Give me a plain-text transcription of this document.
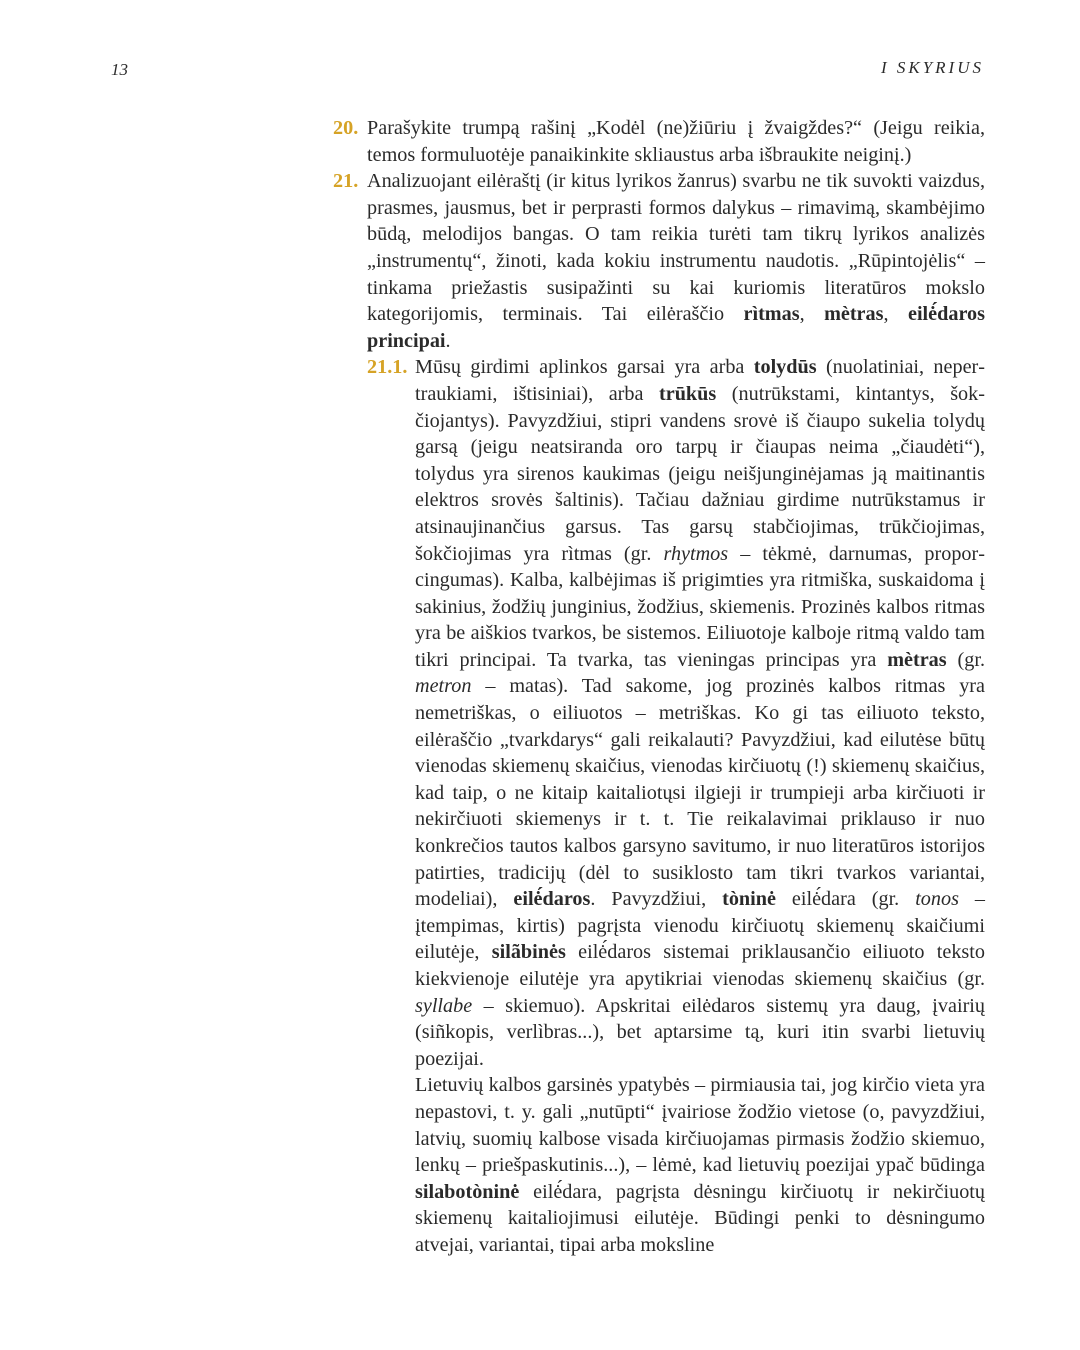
13	I SKYRIUS
20. Parašykite trumpą rašinį „Kodėl (ne)žiūriu į žvaigždes?“ (Jeigu reikia, temos formuluotėje panaikinkite skliaustus arba išbraukite neiginį.)

21. Analizuojant eilėraštį (ir kitus lyrikos žanrus) svarbu ne tik suvokti vaizdus, prasmes, jausmus, bet ir perprasti formos dalykus – rimavimą, skambėjimo būdą, melodijos bangas. O tam reikia turėti tam tikrų lyrikos analizės „instrumentų“, žinoti, kada kokiu instrumentu naudotis. „Rūpintojėlis“ – tinkama priežastis susipažinti su kai kuriomis literatūros mokslo kategorijomis, terminais. Tai eilėraščio rìtmas, mètras, eilė́daros principai.

21.1. Mūsų girdimi aplinkos garsai yra arba tolydūs (nuolatiniai, nepertraukiami, ištisiniai), arba trūkūs (nutrūkstami, kintantys, šokčiojantys). Pavyzdžiui, stipri vandens srovė iš čiaupo sukelia tolydų garsą (jeigu neatsiranda oro tarpų ir čiaupas neima „čiaudėti“), tolydus yra sirenos kaukimas (jeigu neišjunginėjamas ją maitinantis elektros srovės šaltinis). Tačiau dažniau girdime nutrūkstamus ir atsinaujinančius garsus. Tas garsų stabčiojimas, trūkčiojimas, šokčiojimas yra rìtmas (gr. rhytmos – tėkmė, darnumas, proporcingumas). Kalba, kalbėjimas iš prigimties yra ritmiška, suskaidoma į sakinius, žodžių junginius, žodžius, skiemenis. Prozinės kalbos ritmas yra be aiškios tvarkos, be sistemos. Eiliuotoje kalboje ritmą valdo tam tikri principai. Ta tvarka, tas vieningas principas yra mètras (gr. metron – matas). Tad sakome, jog prozinės kalbos ritmas yra nemetriškas, o eiliuotos – metriškas. Ko gi tas eiliuoto teksto, eilėraščio „tvarkdarys“ gali reikalauti? Pavyzdžiui, kad eilutėse būtų vienodas skiemenų skaičius, vienodas kirčiuotų (!) skiemenų skaičius, kad taip, o ne kitaip kaitaliotųsi ilgieji ir trumpieji arba kirčiuoti ir nekirčiuoti skiemenys ir t. t. Tie reikalavimai priklauso ir nuo konkrečios tautos kalbos garsyno savitumo, ir nuo literatūros istorijos patirties, tradicijų (dėl to susiklosto tam tikri tvarkos variantai, modeliai), eilė́daros. Pavyzdžiui, tòninė eilė́dara (gr. tonos – įtempimas, kirtis) pagrįsta vienodu kirčiuotų skiemenų skaičiumi eilutėje, silãbinės eilė́daros sistemai priklausančio eiliuoto teksto kiekvienoje eilutėje yra apytikriai vienodas skiemenų skaičius (gr. syllabe – skiemuo). Apskritai eilėdaros sistemų yra daug, įvairių (siñkopis, verlìbras...), bet aptarsime tą, kuri itin svarbi lietuvių poezijai.

Lietuvių kalbos garsinės ypatybės – pirmiausia tai, jog kirčio vieta yra nepastovi, t. y. gali „nutūpti“ įvairiose žodžio vietose (o, pavyzdžiui, latvių, suomių kalbose visada kirčiuojamas pirmasis žodžio skiemuo, lenkų – priešpaskutinis...), – lėmė, kad lietuvių poezijai ypač būdinga silabotòninė eilė́dara, pagrįsta dėsningu kirčiuotų ir nekirčiuotų skiemenų kaitaliojimusi eilutėje. Būdingi penki to dėsningumo atvejai, variantai, tipai arba moksline
